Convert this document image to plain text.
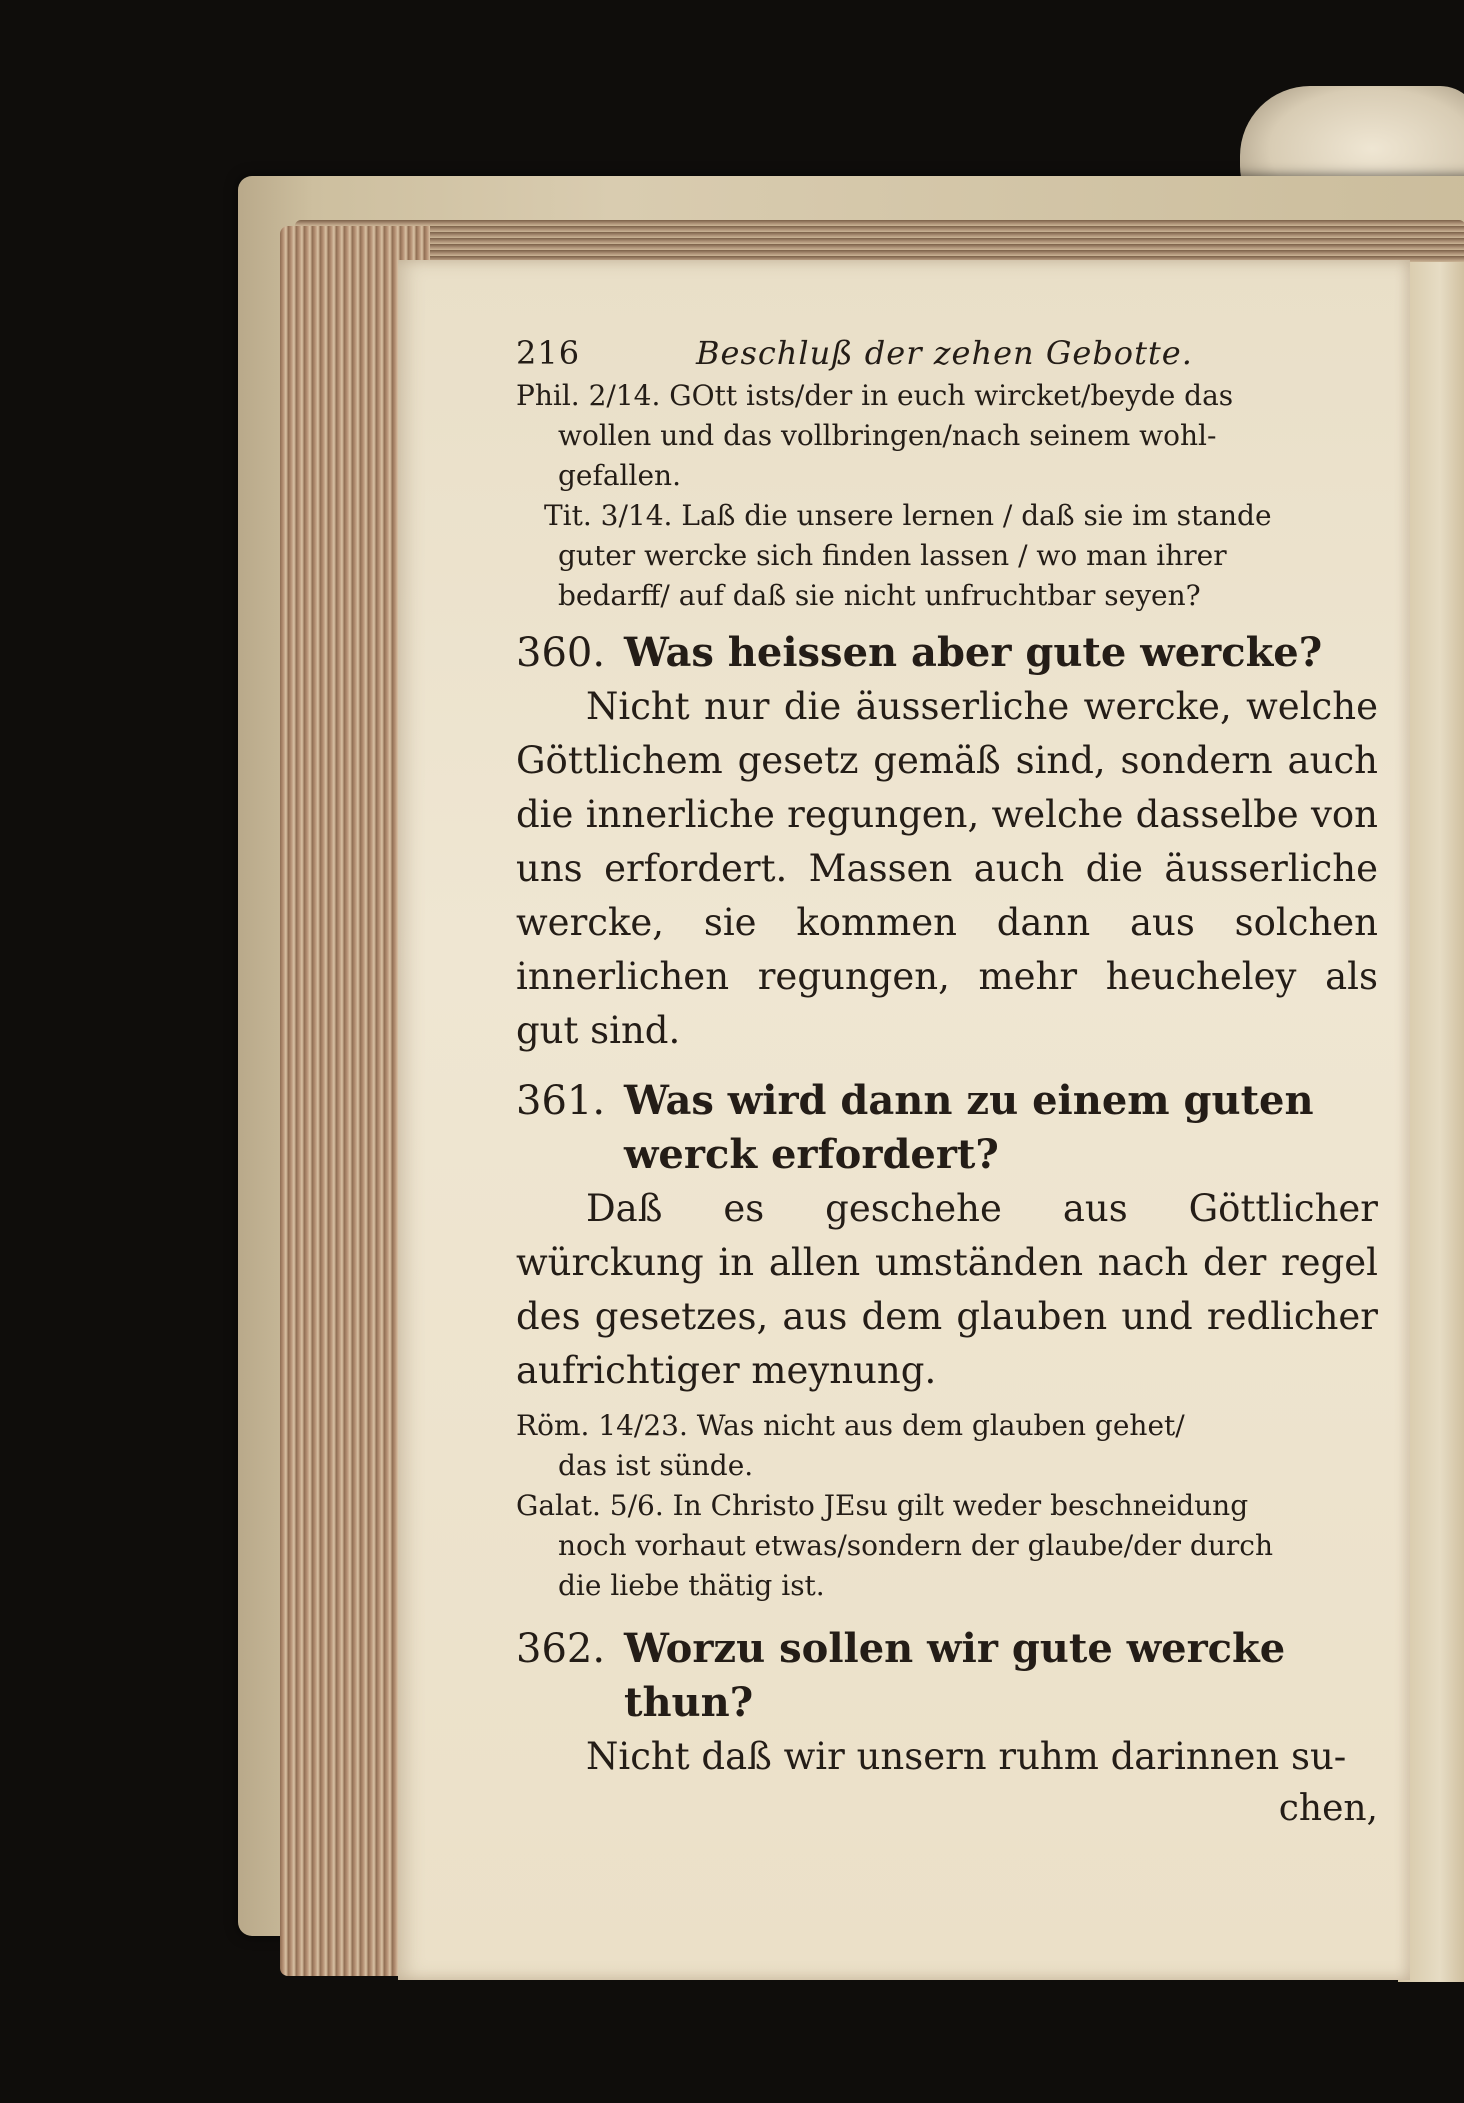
216	Beschluß der zehen Gebotte.
Phil. 2/14. GOtt ists/der in euch wircket/beyde das
wollen und das vollbringen/nach seinem wohl-
gefallen.
Tit. 3/14. Laß die unsere lernen / daß sie im stande
guter wercke sich finden lassen / wo man ihrer
bedarff/ auf daß sie nicht unfruchtbar seyen?
360. Was heissen aber gute wercke?
Nicht nur die äusserliche wercke, welche Göttlichem gesetz gemäß sind, sondern auch die innerliche regungen, welche dasselbe von uns erfordert. Massen auch die äusserliche wercke, sie kommen dann aus solchen innerlichen regungen, mehr heucheley als gut sind.
361. Was wird dann zu einem guten
werck erfordert?
Daß es geschehe aus Göttlicher würckung in allen umständen nach der regel des gesetzes, aus dem glauben und redlicher aufrichtiger meynung.
Röm. 14/23. Was nicht aus dem glauben gehet/
das ist sünde.
Galat. 5/6. In Christo JEsu gilt weder beschneidung
noch vorhaut etwas/sondern der glaube/der durch
die liebe thätig ist.
362. Worzu sollen wir gute wercke
thun?
Nicht daß wir unsern ruhm darinnen su-
chen,
